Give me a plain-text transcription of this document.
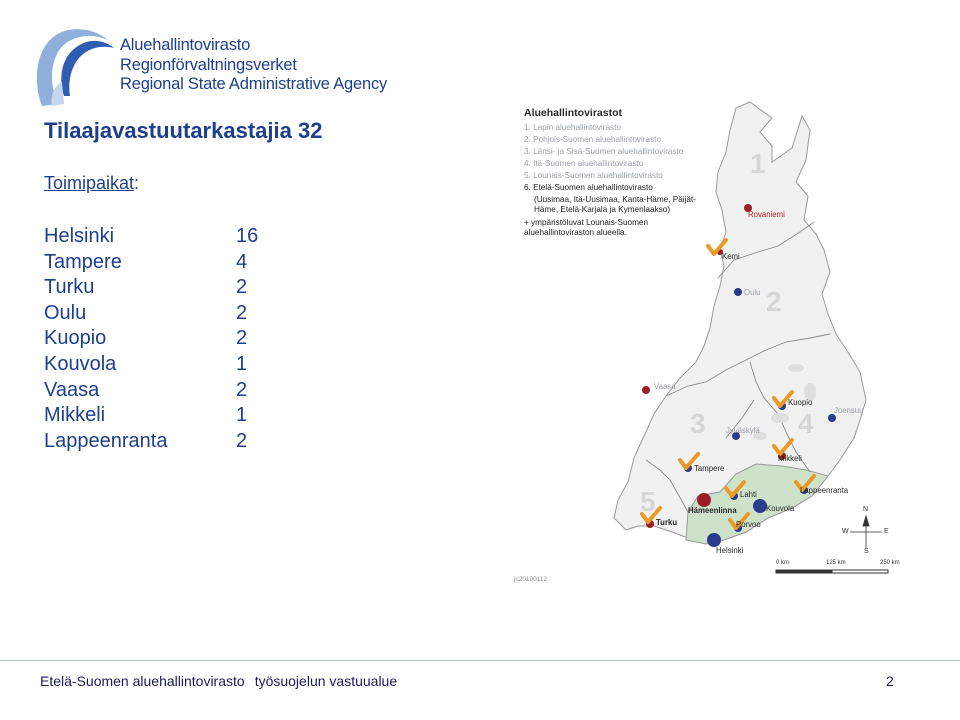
Aluehallintovirasto
Regionförvaltningsverket
Regional State Administrative Agency
Tilaajavastuutarkastajia 32
Toimipaikat:
Helsinki	16
Tampere	4
Turku	2
Oulu	2
Kuopio	2
Kouvola	1
Vaasa	2
Mikkeli	1
Lappeenranta	2
Aluehallintovirastot
1. Lapin aluehallintovirasto
2. Pohjois-Suomen aluehallintovirasto
3. Länsi- ja Sisä-Suomen aluehallintovirasto
4. Itä-Suomen aluehallintovirasto
5. Lounais-Suomen aluehallintovirasto
6. Etelä-Suomen aluehallintovirasto
(Uusimaa, Itä-Uusimaa, Kanta-Häme, Päijät-Häme, Etelä-Karjala ja Kymenlaakso)
+ ympäristöluvat Lounais-Suomen aluehallintoviraston alueella.
1
2
3	4
5
Rovaniemi
Kemi
Oulu
Vaasa
Kuopio
Joensuu
Jyväskylä
Mikkeli
Tampere
Lahti	Lappeenranta
Hämeenlinna	Kouvola
Porvoo
Turku
Helsinki
N
S
E
W
0 km	125 km	250 km
jc20100112
Etelä-Suomen aluehallintovirasto työsuojelun vastuualue	2
